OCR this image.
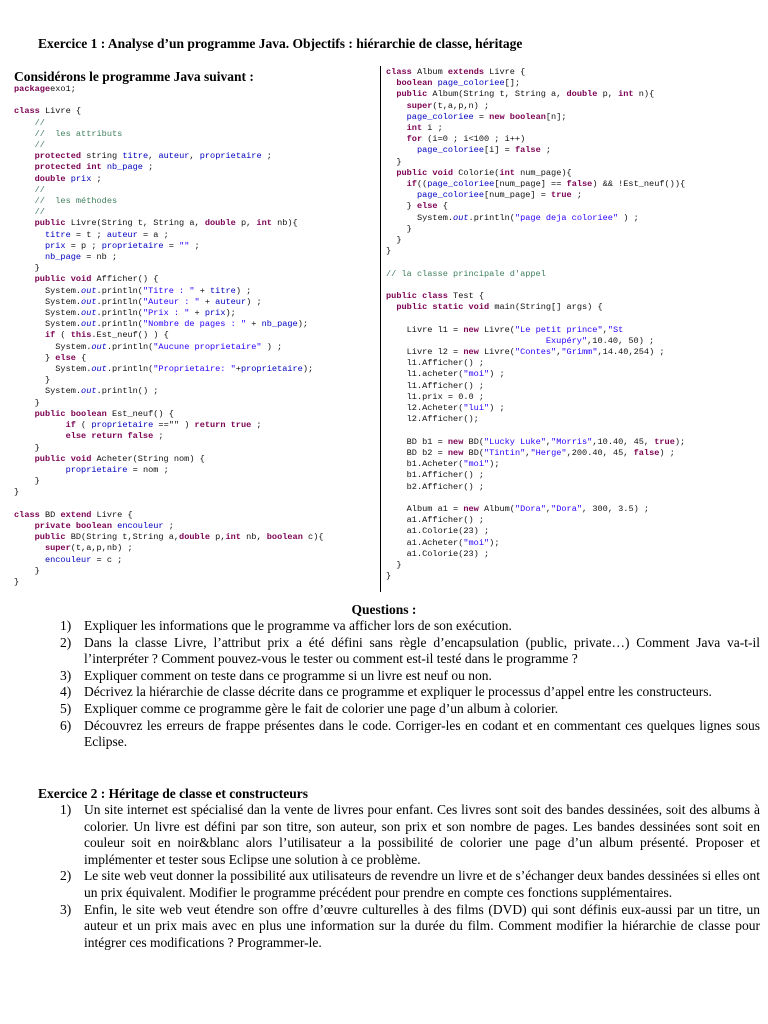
Exercice 1 : Analyse d’un programme Java. Objectifs : hiérarchie de classe, héritage
Considérons le programme Java suivant :
packageexo1;
class Livre {
//
//  les attributs
//
protected string titre, auteur, proprietaire ;
protected int nb_page ;
double prix ;
//
//  les méthodes
//
public Livre(String t, String a, double p, int nb){
titre = t ; auteur = a ;
prix = p ; proprietaire = "" ;
nb_page = nb ;
}
public void Afficher() {
System.out.println("Titre : " + titre) ;
System.out.println("Auteur : " + auteur) ;
System.out.println("Prix : " + prix);
System.out.println("Nombre de pages : " + nb_page);
if ( this.Est_neuf() ) {
System.out.println("Aucune proprietaire" ) ;
} else {
System.out.println("Proprietaire: "+proprietaire);
}
System.out.println() ;
}
public boolean Est_neuf() {
if ( proprietaire =="" ) return true ;
else return false ;
}
public void Acheter(String nom) {
proprietaire = nom ;
}
}
class BD extend Livre {
private boolean encouleur ;
public BD(String t,String a,double p,int nb, boolean c){
super(t,a,p,nb) ;
encouleur = c ;
}
}
class Album extends Livre {
boolean page_coloriee[];
public Album(String t, String a, double p, int n){
super(t,a,p,n) ;
page_coloriee = new boolean[n];
int i ;
for (i=0 ; i<100 ; i++)
page_coloriee[i] = false ;
}
public void Colorie(int num_page){
if((page_coloriee[num_page] == false) && !Est_neuf()){
page_coloriee[num_page] = true ;
} else {
System.out.println("page deja coloriee" ) ;
}
}
}
// la classe principale d'appel
public class Test {
public static void main(String[] args) {
Livre l1 = new Livre("Le petit prince","St
Exupéry",10.40, 50) ;
Livre l2 = new Livre("Contes","Grimm",14.40,254) ;
l1.Afficher() ;
l1.acheter("moi") ;
l1.Afficher() ;
l1.prix = 0.0 ;
l2.Acheter("lui") ;
l2.Afficher();
BD b1 = new BD("Lucky Luke","Morris",10.40, 45, true);
BD b2 = new BD("Tintin","Herge",200.40, 45, false) ;
b1.Acheter("moi");
b1.Afficher() ;
b2.Afficher() ;
Album a1 = new Album("Dora","Dora", 300, 3.5) ;
a1.Afficher() ;
a1.Colorie(23) ;
a1.Acheter("moi");
a1.Colorie(23) ;
}
}
Questions :
1) Expliquer les informations que le programme va afficher lors de son exécution.
2) Dans la classe Livre, l’attribut prix a été défini sans règle d’encapsulation (public, private…) Comment Java va-t-il l’interpréter ? Comment pouvez-vous le tester ou comment est-il testé dans le programme ?
3) Expliquer comment on teste dans ce programme si un livre est neuf ou non.
4) Décrivez la hiérarchie de classe décrite dans ce programme et expliquer le processus d’appel entre les constructeurs.
5) Expliquer comme ce programme gère le fait de colorier une page d’un album à colorier.
6) Découvrez les erreurs de frappe présentes dans le code. Corriger-les en codant et en commentant ces quelques lignes sous Eclipse.
Exercice 2 : Héritage de classe et constructeurs
1) Un site internet est spécialisé dan la vente de livres pour enfant. Ces livres sont soit des bandes dessinées, soit des albums à colorier. Un livre est défini par son titre, son auteur, son prix et son nombre de pages. Les bandes dessinées sont soit en couleur soit en noir&blanc alors l’utilisateur a la possibilité de colorier une page d’un album présenté. Proposer et implémenter et tester sous Eclipse une solution à ce problème.
2) Le site web veut donner la possibilité aux utilisateurs de revendre un livre et de s’échanger deux bandes dessinées si elles ont un prix équivalent. Modifier le programme précédent pour prendre en compte ces fonctions supplémentaires.
3) Enfin, le site web veut étendre son offre d’œuvre culturelles à des films (DVD) qui sont définis eux-aussi par un titre, un auteur et un prix mais avec en plus une information sur la durée du film. Comment modifier la hiérarchie de classe pour intégrer ces modifications ? Programmer-le.
